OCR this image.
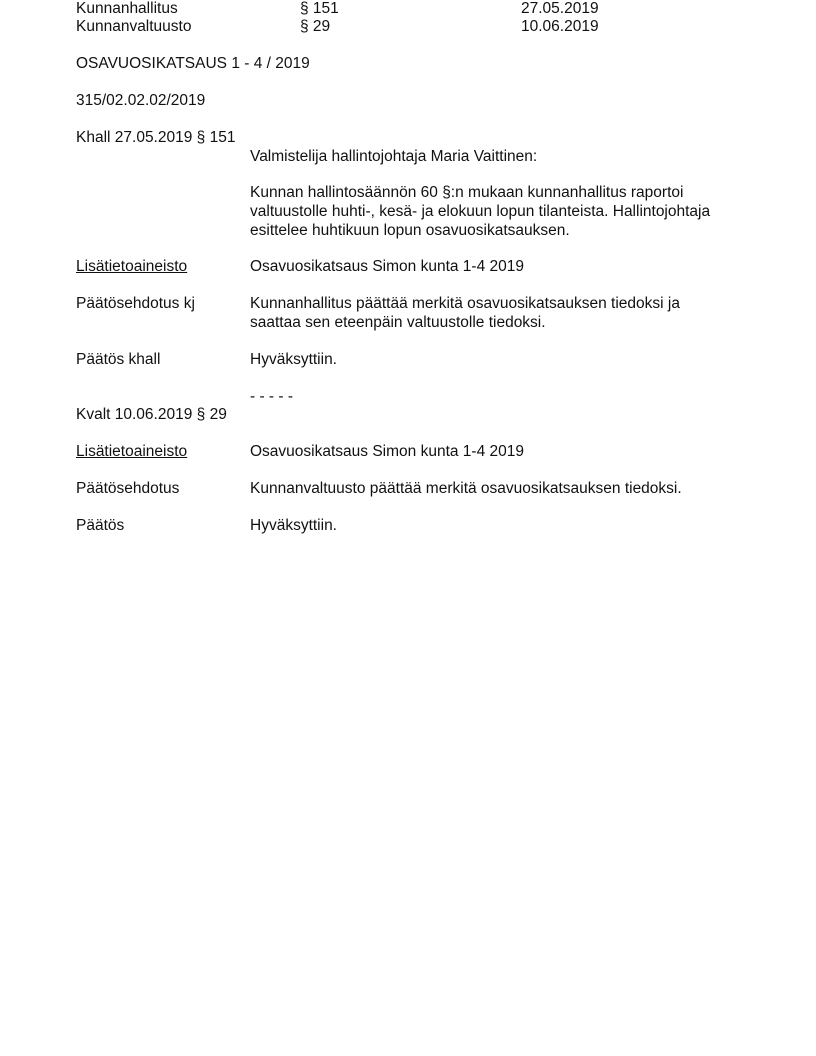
Kunnanhallitus	§ 151	27.05.2019
Kunnanvaltuusto	§ 29	10.06.2019
OSAVUOSIKATSAUS 1 - 4 / 2019
315/02.02.02/2019
Khall 27.05.2019 § 151
Valmistelija hallintojohtaja Maria Vaittinen:
Kunnan hallintosäännön 60 §:n mukaan kunnanhallitus raportoi
valtuustolle huhti-, kesä- ja elokuun lopun tilanteista. Hallintojohtaja
esittelee huhtikuun lopun osavuosikatsauksen.
Lisätietoaineisto	Osavuosikatsaus Simon kunta 1-4 2019
Päätösehdotus kj	Kunnanhallitus päättää merkitä osavuosikatsauksen tiedoksi ja
saattaa sen eteenpäin valtuustolle tiedoksi.
Päätös khall	Hyväksyttiin.
- - - - -
Kvalt 10.06.2019 § 29
Lisätietoaineisto	Osavuosikatsaus Simon kunta 1-4 2019
Päätösehdotus	Kunnanvaltuusto päättää merkitä osavuosikatsauksen tiedoksi.
Päätös	Hyväksyttiin.
